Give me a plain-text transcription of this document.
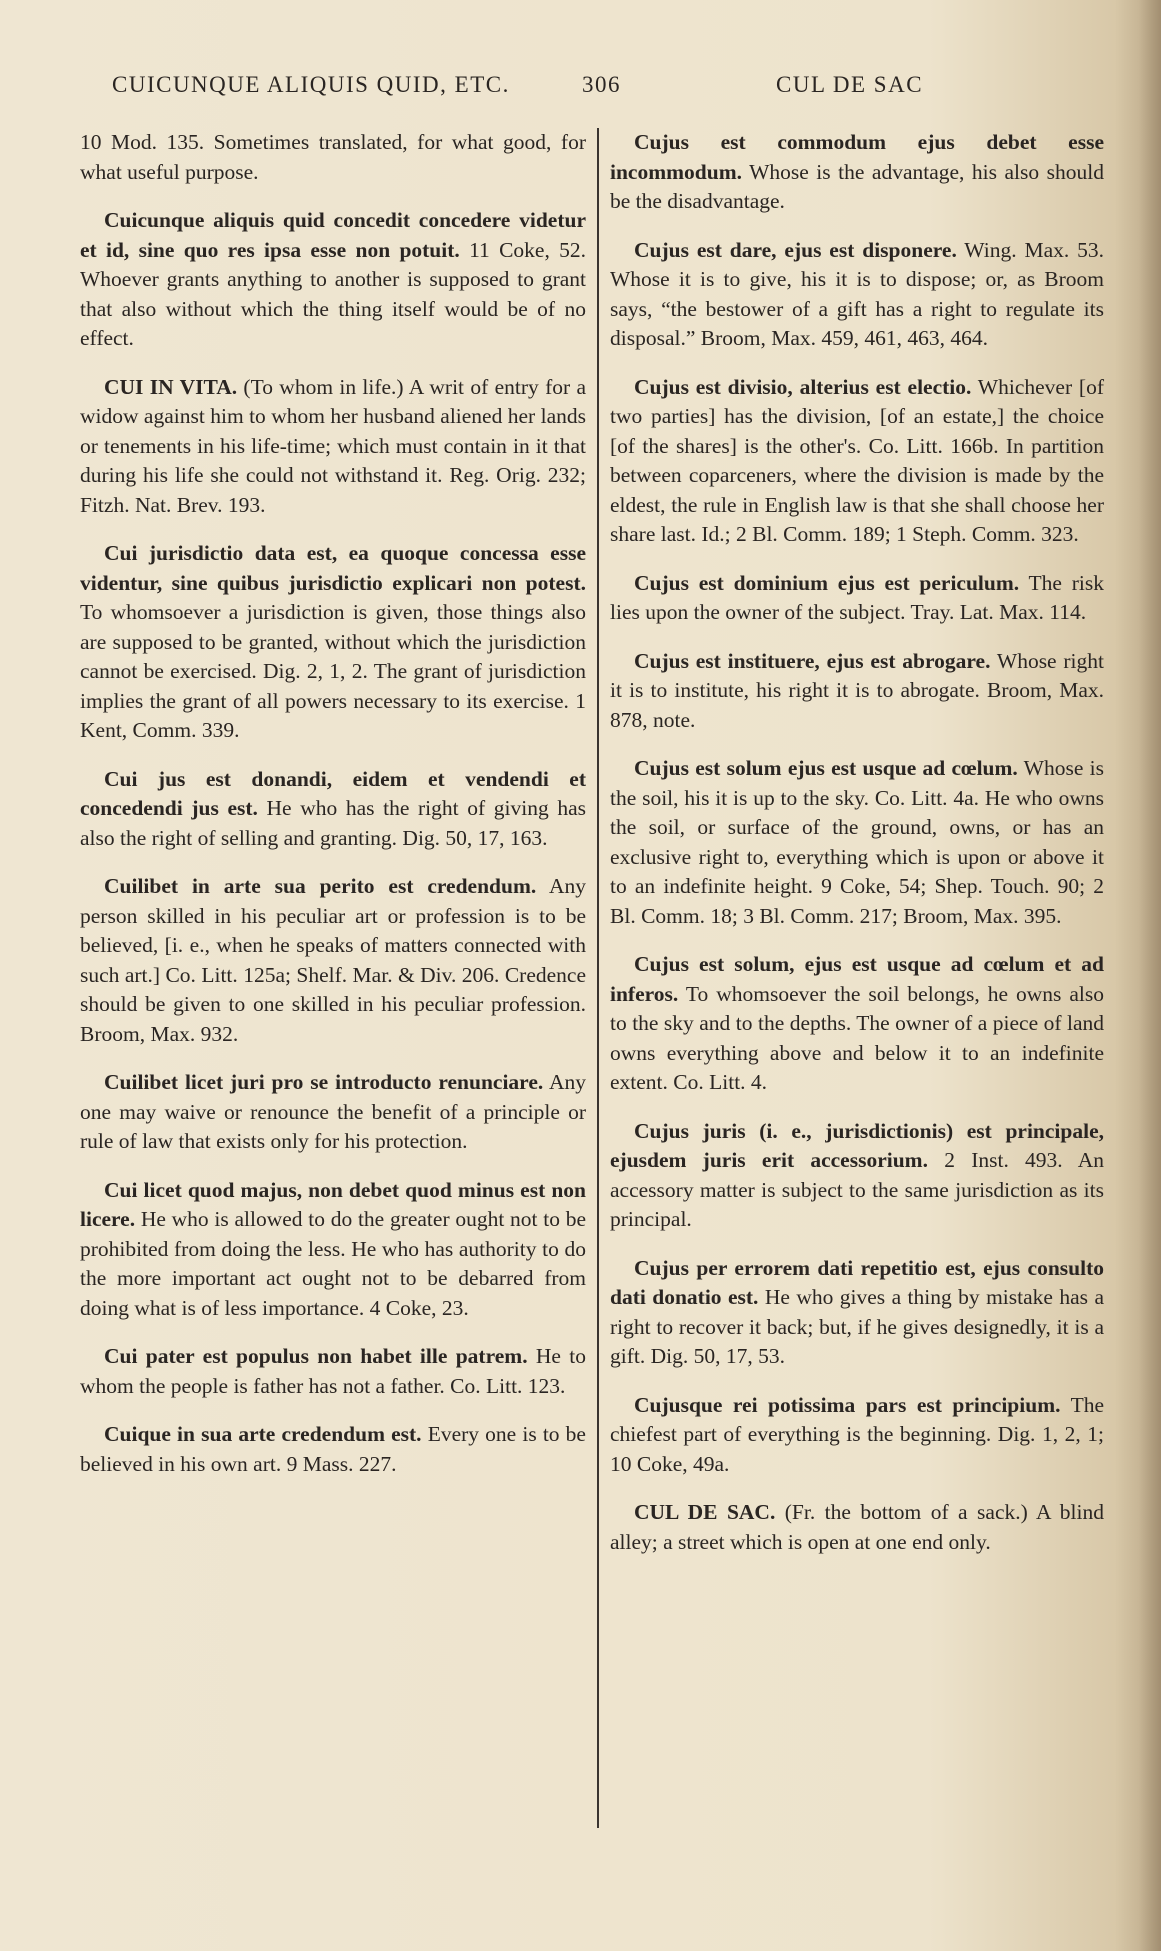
CUICUNQUE ALIQUIS QUID, ETC.	306	CUL DE SAC

10 Mod. 135. Sometimes translated, for what good, for what useful purpose.

Cuicunque aliquis quid concedit concedere videtur et id, sine quo res ipsa esse non potuit. 11 Coke, 52. Whoever grants anything to another is supposed to grant that also without which the thing itself would be of no effect.

CUI IN VITA. (To whom in life.) A writ of entry for a widow against him to whom her husband aliened her lands or tenements in his life-time; which must contain in it that during his life she could not withstand it. Reg. Orig. 232; Fitzh. Nat. Brev. 193.

Cui jurisdictio data est, ea quoque concessa esse videntur, sine quibus jurisdictio explicari non potest. To whomsoever a jurisdiction is given, those things also are supposed to be granted, without which the jurisdiction cannot be exercised. Dig. 2, 1, 2. The grant of jurisdiction implies the grant of all powers necessary to its exercise. 1 Kent, Comm. 339.

Cui jus est donandi, eidem et vendendi et concedendi jus est. He who has the right of giving has also the right of selling and granting. Dig. 50, 17, 163.

Cuilibet in arte sua perito est credendum. Any person skilled in his peculiar art or profession is to be believed, [i. e., when he speaks of matters connected with such art.] Co. Litt. 125a; Shelf. Mar. & Div. 206. Credence should be given to one skilled in his peculiar profession. Broom, Max. 932.

Cuilibet licet juri pro se introducto renunciare. Any one may waive or renounce the benefit of a principle or rule of law that exists only for his protection.

Cui licet quod majus, non debet quod minus est non licere. He who is allowed to do the greater ought not to be prohibited from doing the less. He who has authority to do the more important act ought not to be debarred from doing what is of less importance. 4 Coke, 23.

Cui pater est populus non habet ille patrem. He to whom the people is father has not a father. Co. Litt. 123.

Cuique in sua arte credendum est. Every one is to be believed in his own art. 9 Mass. 227.

Cujus est commodum ejus debet esse incommodum. Whose is the advantage, his also should be the disadvantage.

Cujus est dare, ejus est disponere. Wing. Max. 53. Whose it is to give, his it is to dispose; or, as Broom says, “the bestower of a gift has a right to regulate its disposal.” Broom, Max. 459, 461, 463, 464.

Cujus est divisio, alterius est electio. Whichever [of two parties] has the division, [of an estate,] the choice [of the shares] is the other's. Co. Litt. 166b. In partition between coparceners, where the division is made by the eldest, the rule in English law is that she shall choose her share last. Id.; 2 Bl. Comm. 189; 1 Steph. Comm. 323.

Cujus est dominium ejus est periculum. The risk lies upon the owner of the subject. Tray. Lat. Max. 114.

Cujus est instituere, ejus est abrogare. Whose right it is to institute, his right it is to abrogate. Broom, Max. 878, note.

Cujus est solum ejus est usque ad cœlum. Whose is the soil, his it is up to the sky. Co. Litt. 4a. He who owns the soil, or surface of the ground, owns, or has an exclusive right to, everything which is upon or above it to an indefinite height. 9 Coke, 54; Shep. Touch. 90; 2 Bl. Comm. 18; 3 Bl. Comm. 217; Broom, Max. 395.

Cujus est solum, ejus est usque ad cœlum et ad inferos. To whomsoever the soil belongs, he owns also to the sky and to the depths. The owner of a piece of land owns everything above and below it to an indefinite extent. Co. Litt. 4.

Cujus juris (i. e., jurisdictionis) est principale, ejusdem juris erit accessorium. 2 Inst. 493. An accessory matter is subject to the same jurisdiction as its principal.

Cujus per errorem dati repetitio est, ejus consulto dati donatio est. He who gives a thing by mistake has a right to recover it back; but, if he gives designedly, it is a gift. Dig. 50, 17, 53.

Cujusque rei potissima pars est principium. The chiefest part of everything is the beginning. Dig. 1, 2, 1; 10 Coke, 49a.

CUL DE SAC. (Fr. the bottom of a sack.) A blind alley; a street which is open at one end only.
